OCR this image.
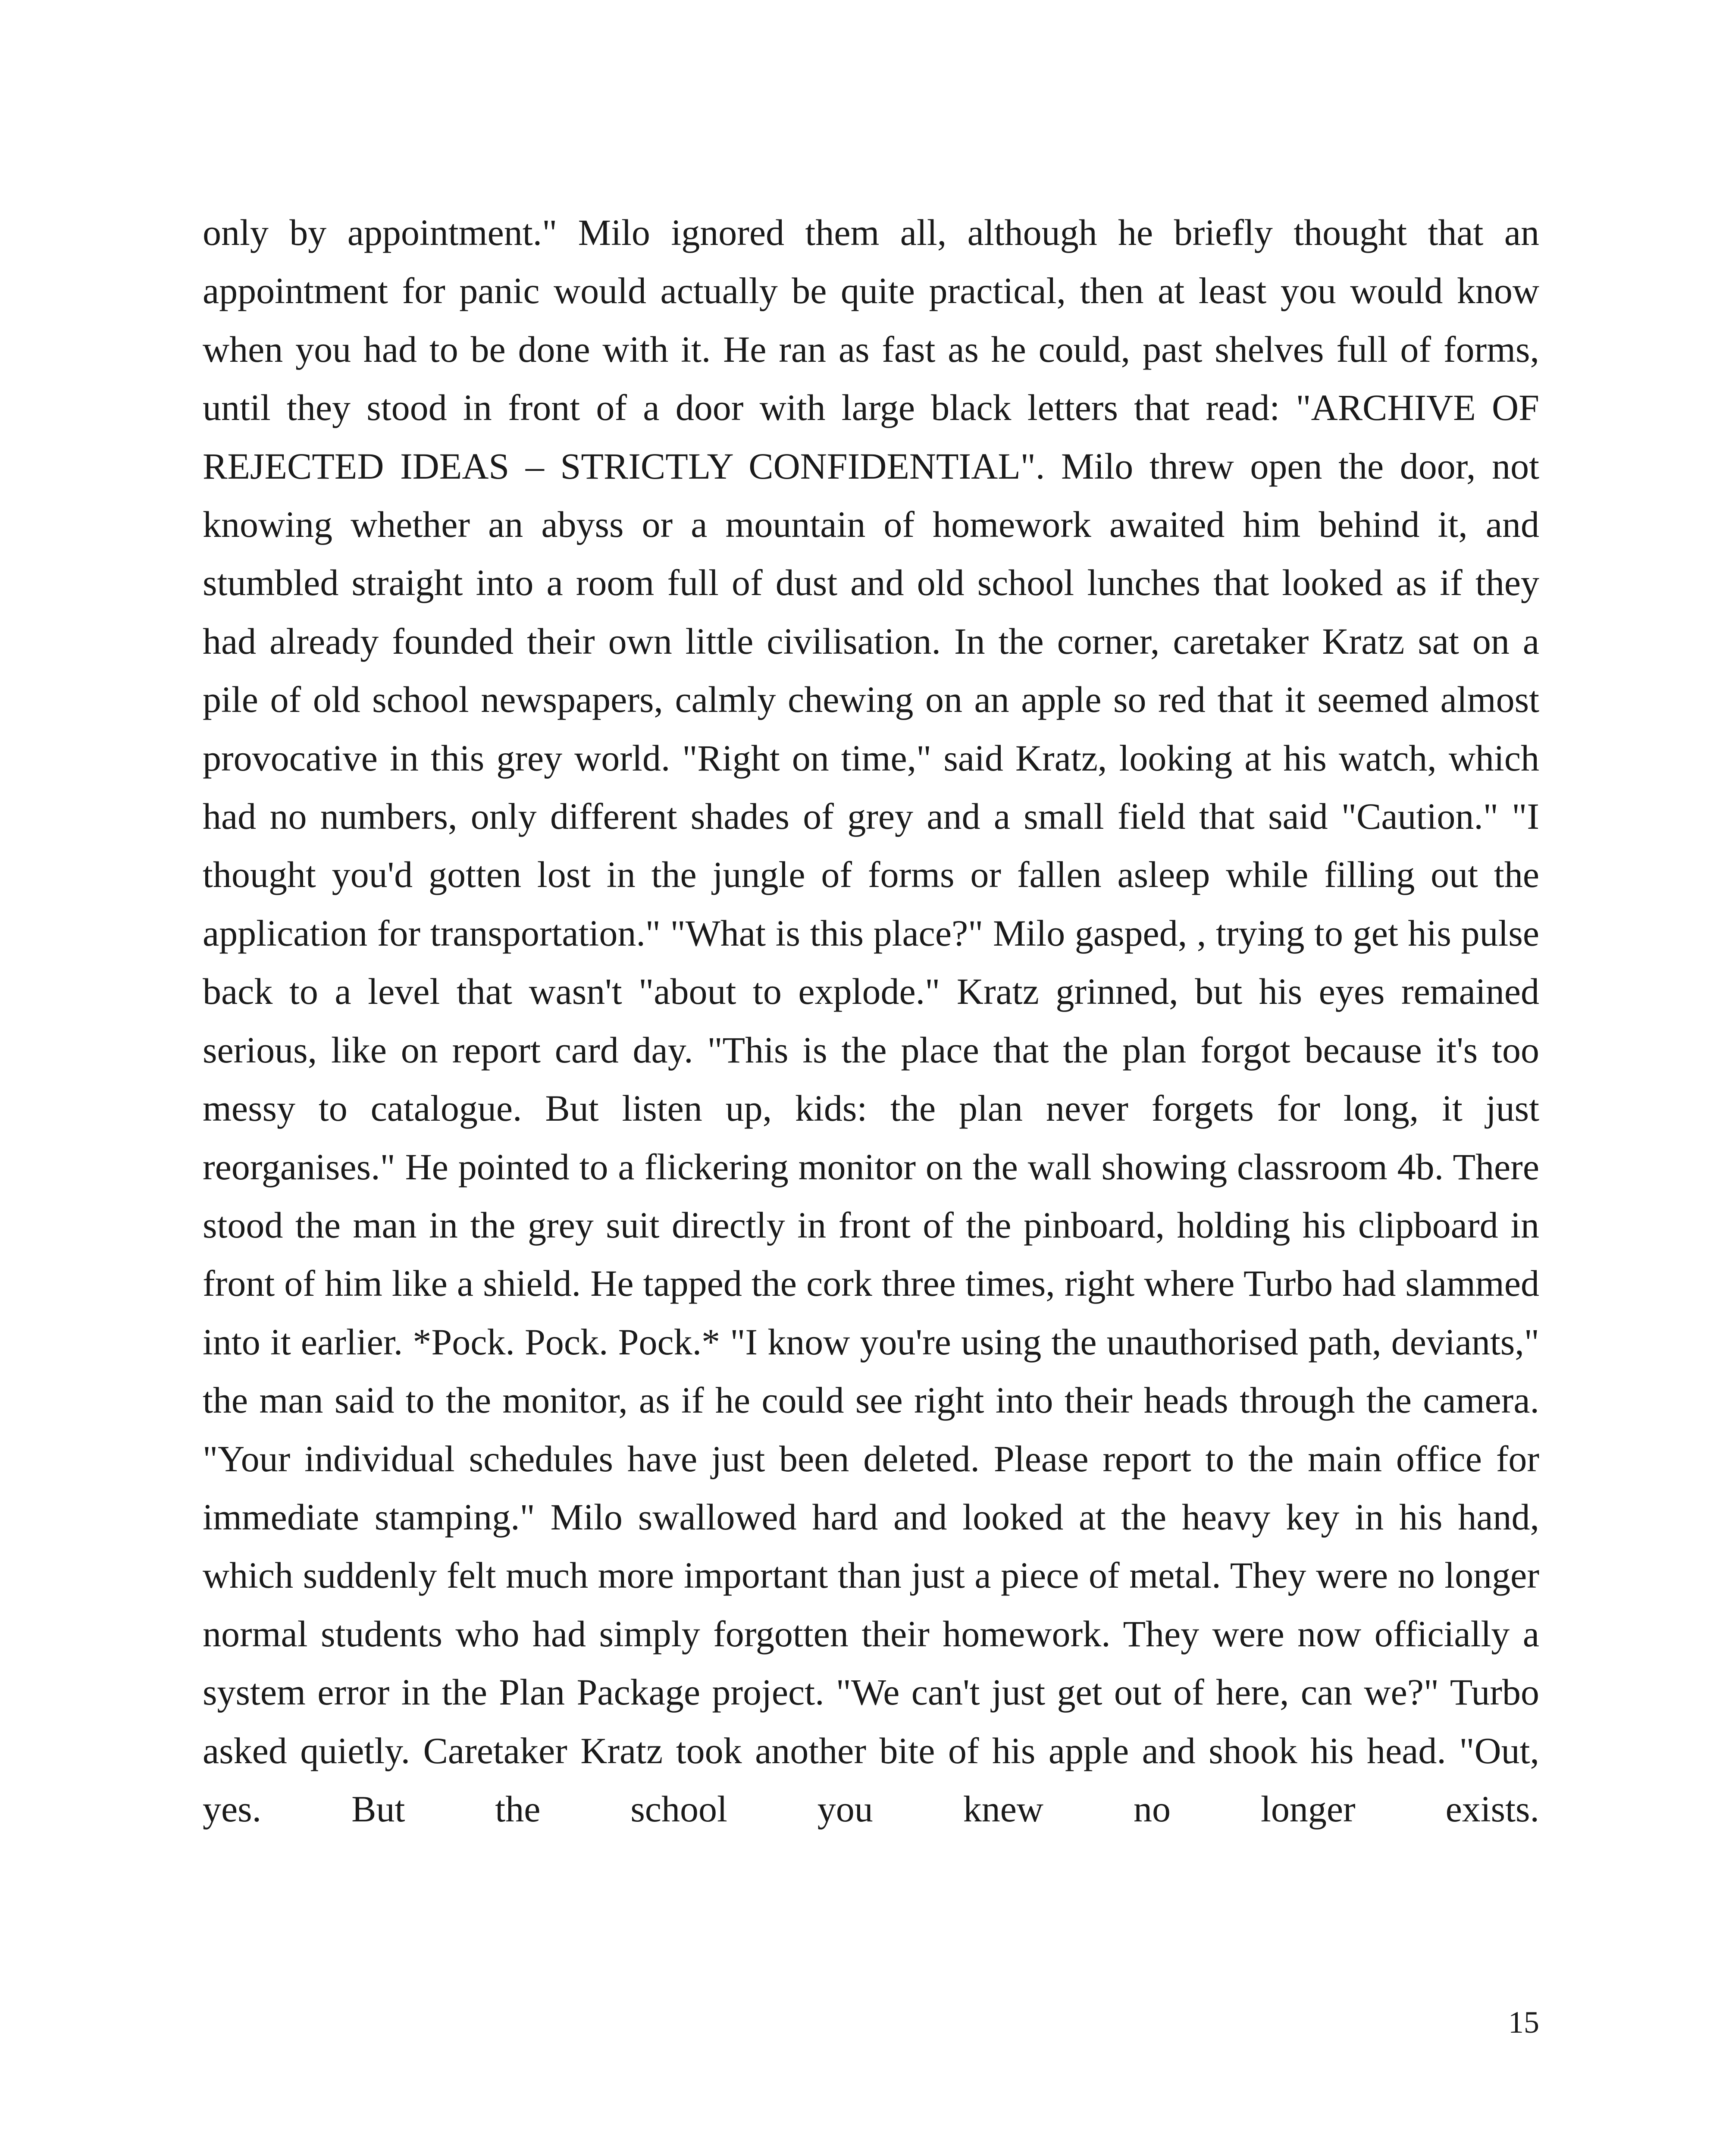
only by appointment." Milo ignored them all, although he briefly thought that an appointment for panic would actually be quite practical, then at least you would know when you had to be done with it. He ran as fast as he could, past shelves full of forms, until they stood in front of a door with large black letters that read: "ARCHIVE OF REJECTED IDEAS – STRICTLY CONFIDENTIAL". Milo threw open the door, not knowing whether an abyss or a mountain of homework awaited him behind it, and stumbled straight into a room full of dust and old school lunches that looked as if they had already founded their own little civilisation. In the corner, caretaker Kratz sat on a pile of old school newspapers, calmly chewing on an apple so red that it seemed almost provocative in this grey world. "Right on time," said Kratz, looking at his watch, which had no numbers, only different shades of grey and a small field that said "Caution." "I thought you'd gotten lost in the jungle of forms or fallen asleep while filling out the application for transportation." "What is this place?" Milo gasped, , trying to get his pulse back to a level that wasn't "about to explode." Kratz grinned, but his eyes remained serious, like on report card day. "This is the place that the plan forgot because it's too messy to catalogue. But listen up, kids: the plan never forgets for long, it just reorganises." He pointed to a flickering monitor on the wall showing classroom 4b. There stood the man in the grey suit directly in front of the pinboard, holding his clipboard in front of him like a shield. He tapped the cork three times, right where Turbo had slammed into it earlier. *Pock. Pock. Pock.* "I know you're using the unauthorised path, deviants," the man said to the monitor, as if he could see right into their heads through the camera. "Your individual schedules have just been deleted. Please report to the main office for immediate stamping." Milo swallowed hard and looked at the heavy key in his hand, which suddenly felt much more important than just a piece of metal. They were no longer normal students who had simply forgotten their homework. They were now officially a system error in the Plan Package project. "We can't just get out of here, can we?" Turbo asked quietly. Caretaker Kratz took another bite of his apple and shook his head. "Out, yes. But the school you knew no longer exists.

15
